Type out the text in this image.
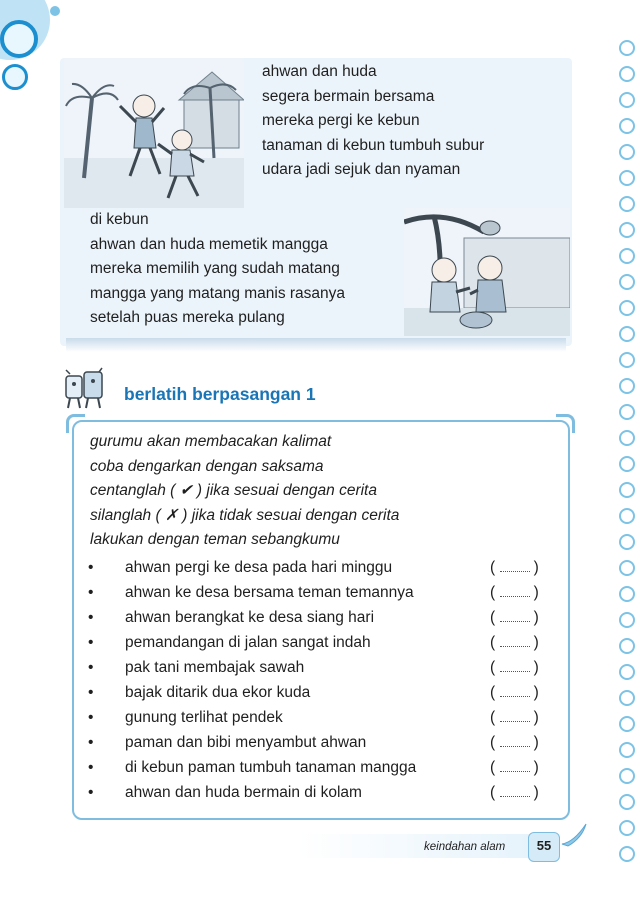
ahwan dan huda
segera bermain bersama
mereka pergi ke kebun
tanaman di kebun tumbuh subur
udara jadi sejuk dan nyaman
di kebun
ahwan dan huda memetik mangga
mereka memilih yang sudah matang
mangga yang matang manis rasanya
setelah puas mereka pulang
berlatih berpasangan 1
gurumu akan membacakan kalimat
coba dengarkan dengan saksama
centanglah ( ✔ ) jika sesuai dengan cerita
silanglah ( ✗ ) jika tidak sesuai dengan cerita
lakukan dengan teman sebangkumu
• ahwan pergi ke desa pada hari minggu	( )
• ahwan ke desa bersama teman temannya	( )
• ahwan berangkat ke desa siang hari	( )
• pemandangan di jalan sangat indah	( )
• pak tani membajak sawah	( )
• bajak ditarik dua ekor kuda	( )
• gunung terlihat pendek	( )
• paman dan bibi menyambut ahwan	( )
• di kebun paman tumbuh tanaman mangga	( )
• ahwan dan huda bermain di kolam	( )
keindahan alam 55
